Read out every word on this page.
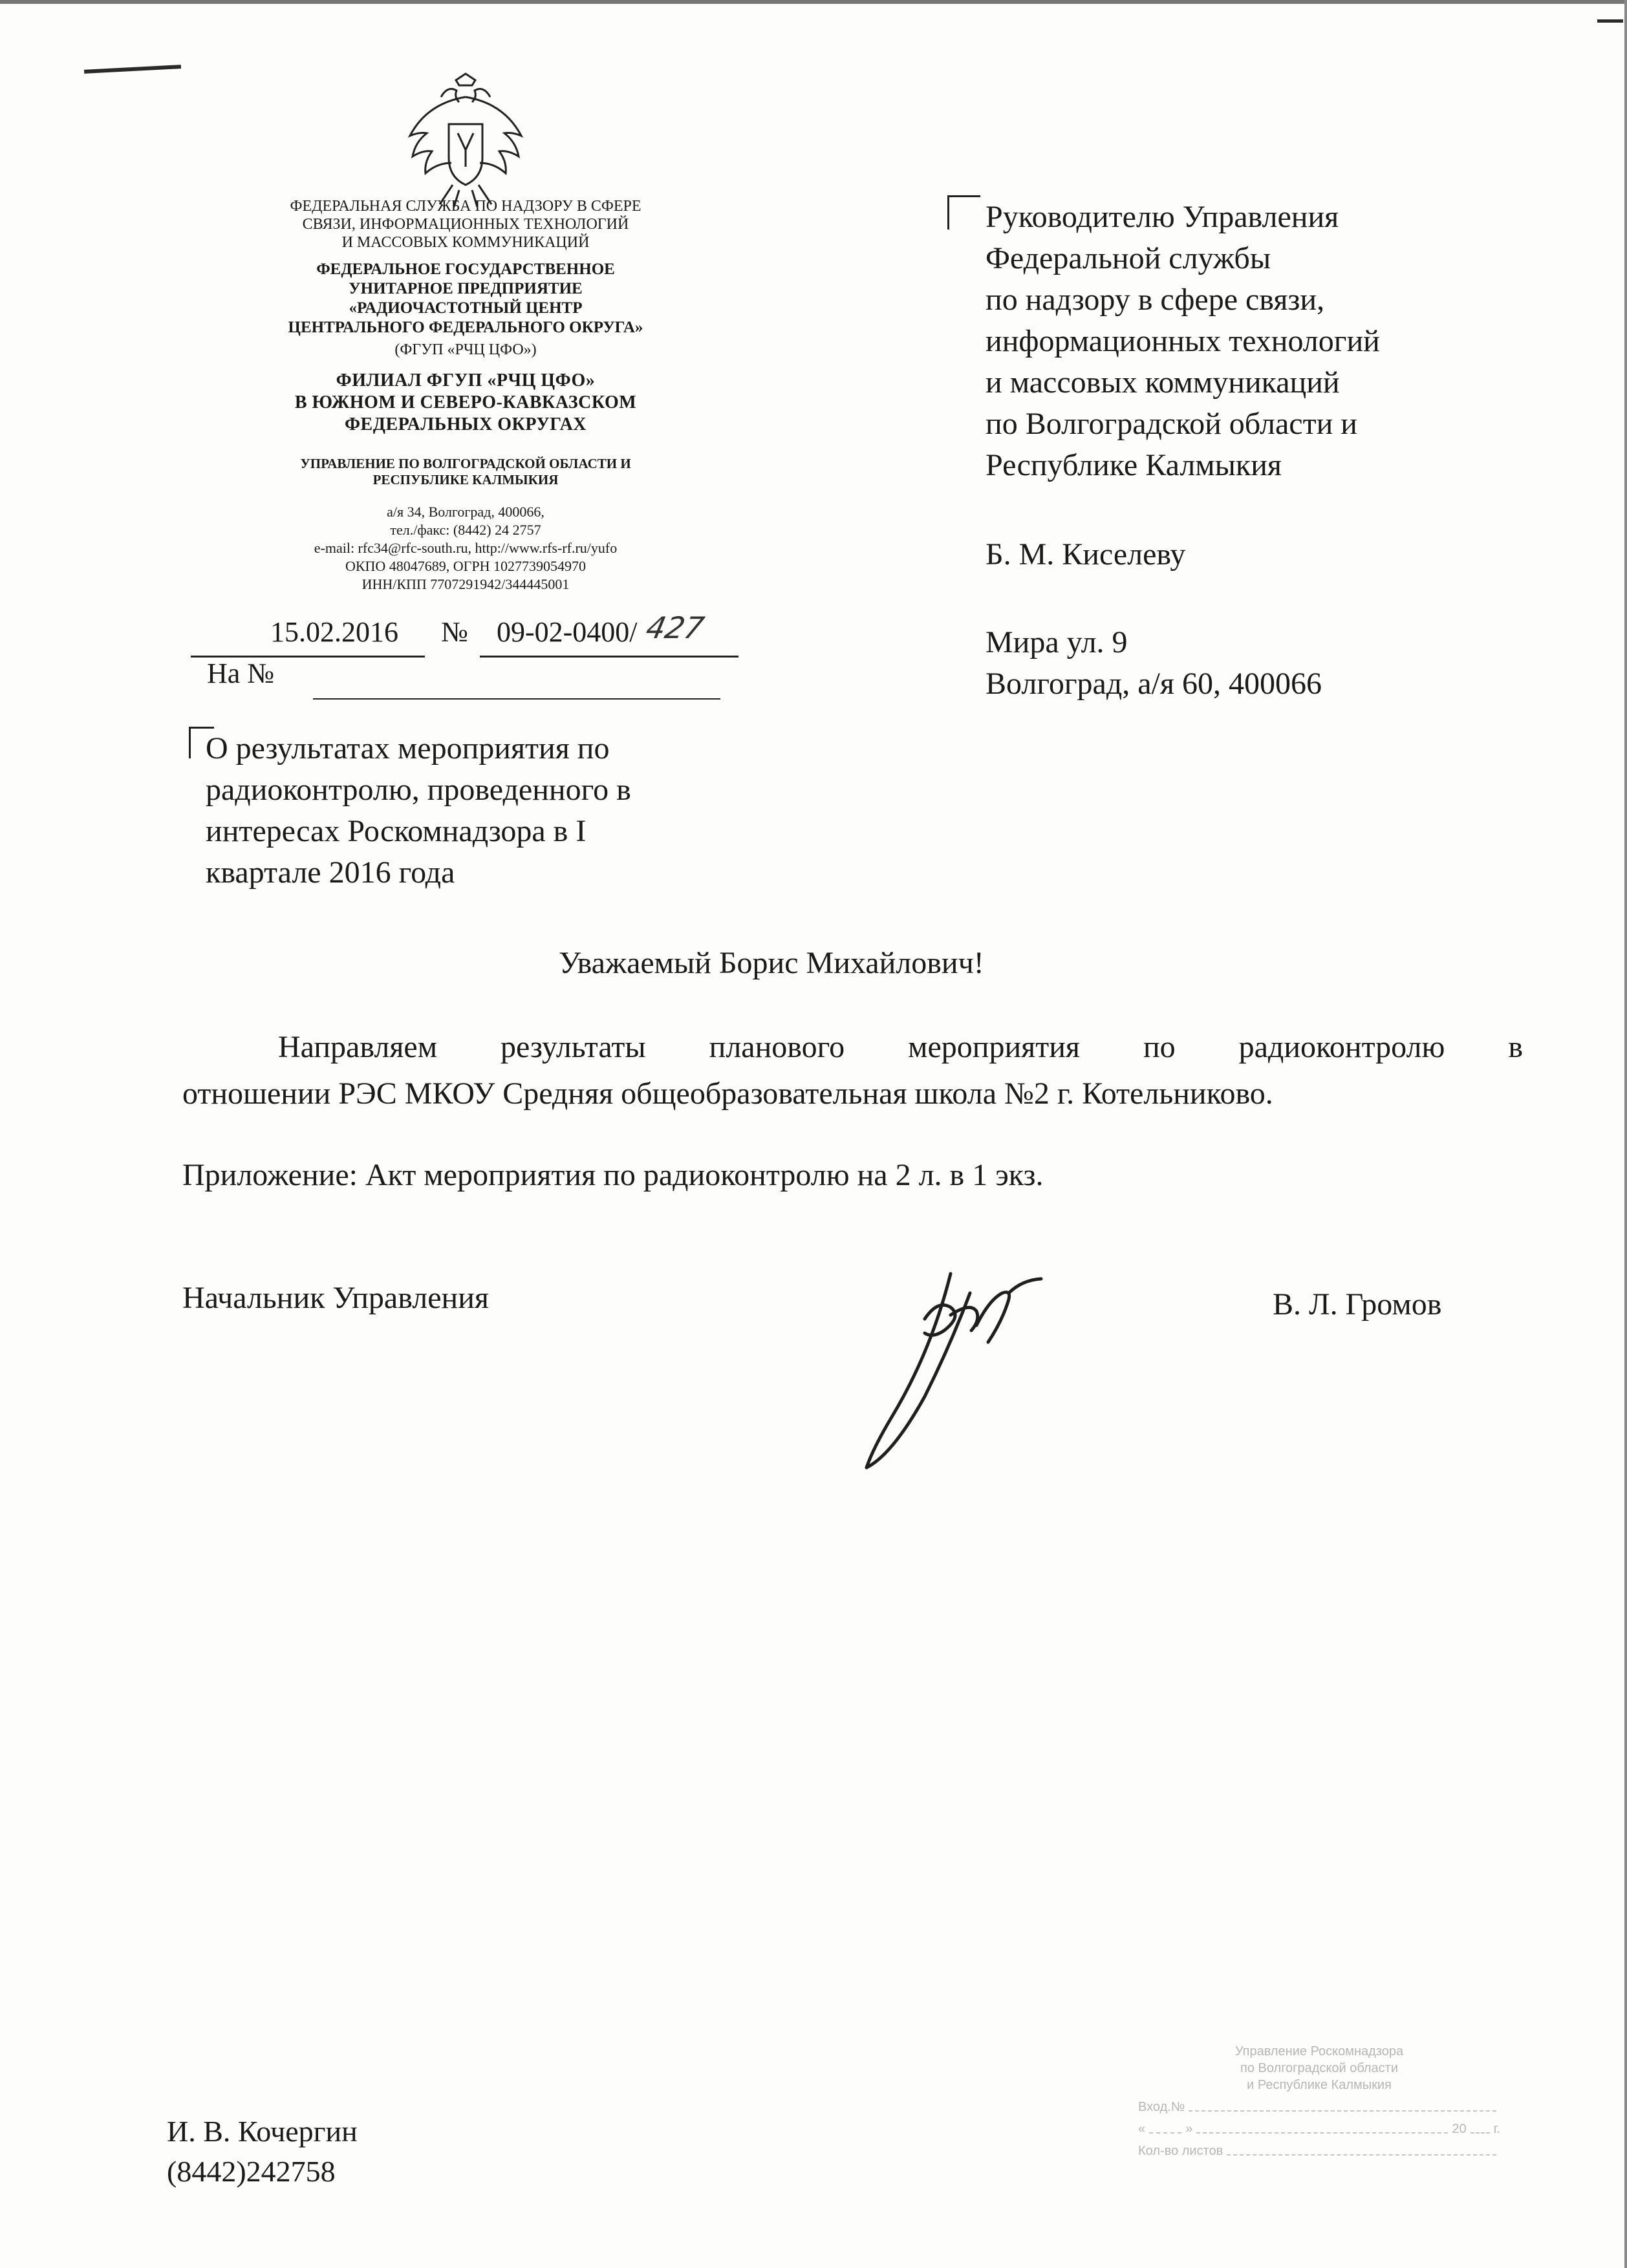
ФЕДЕРАЛЬНАЯ СЛУЖБА ПО НАДЗОРУ В СФЕРЕ
СВЯЗИ, ИНФОРМАЦИОННЫХ ТЕХНОЛОГИЙ
И МАССОВЫХ КОММУНИКАЦИЙ
ФЕДЕРАЛЬНОЕ ГОСУДАРСТВЕННОЕ
УНИТАРНОЕ ПРЕДПРИЯТИЕ
«РАДИОЧАСТОТНЫЙ ЦЕНТР
ЦЕНТРАЛЬНОГО ФЕДЕРАЛЬНОГО ОКРУГА»
(ФГУП «РЧЦ ЦФО»)
ФИЛИАЛ ФГУП «РЧЦ ЦФО»
В ЮЖНОМ И СЕВЕРО-КАВКАЗСКОМ
ФЕДЕРАЛЬНЫХ ОКРУГАХ
УПРАВЛЕНИЕ ПО ВОЛГОГРАДСКОЙ ОБЛАСТИ И
РЕСПУБЛИКЕ КАЛМЫКИЯ
а/я 34, Волгоград, 400066,
тел./факс: (8442) 24 2757
e-mail: rfc34@rfc-south.ru, http://www.rfs-rf.ru/yufo
ОКПО 48047689, ОГРН 1027739054970
ИНН/КПП 7707291942/344445001
15.02.2016 № 09-02-0400/ 427
На №
Руководителю Управления
Федеральной службы
по надзору в сфере связи,
информационных технологий
и массовых коммуникаций
по Волгоградской области и
Республике Калмыкия
Б. М. Киселеву
Мира ул. 9
Волгоград, а/я 60, 400066
О результатах мероприятия по
радиоконтролю, проведенного в
интересах Роскомнадзора в I
квартале 2016 года
Уважаемый Борис Михайлович!
Направляем результаты планового мероприятия по радиоконтролю в
отношении РЭС МКОУ Средняя общеобразовательная школа №2 г. Котельниково.
Приложение: Акт мероприятия по радиоконтролю на 2 л. в 1 экз.
Начальник Управления	В. Л. Громов
И. В. Кочергин
(8442)242758
Управление Роскомнадзора
по Волгоградской области
и Республике Калмыкия
Вход.№
«	»	20 г.
Кол-во листов
